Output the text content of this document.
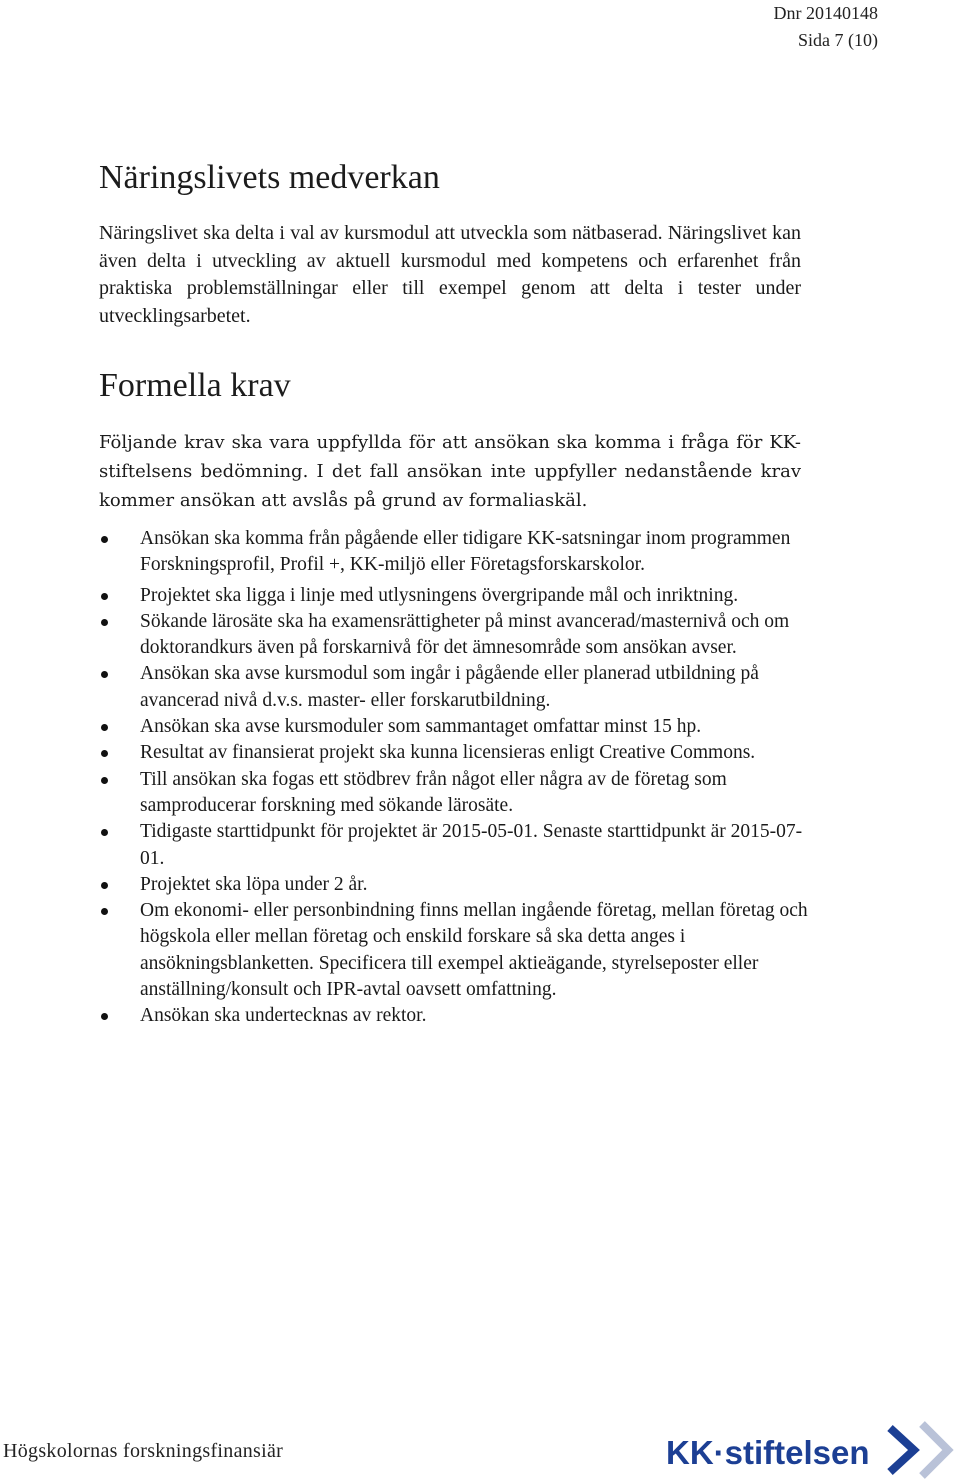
Dnr 20140148
Sida 7 (10)
Näringslivets medverkan

Näringslivet ska delta i val av kursmodul att utveckla som nätbaserad. Näringslivet kan även delta i utveckling av aktuell kursmodul med kompetens och erfarenhet från praktiska problemställningar eller till exempel genom att delta i tester under utvecklingsarbetet.

Formella krav

Följande krav ska vara uppfyllda för att ansökan ska komma i fråga för KK-
stiftelsens bedömning. I det fall ansökan inte uppfyller nedanstående krav
kommer ansökan att avslås på grund av formaliaskäl.

Ansökan ska komma från pågående eller tidigare KK-satsningar inom programmen Forskningsprofil, Profil +, KK-miljö eller Företagsforskarskolor.
Projektet ska ligga i linje med utlysningens övergripande mål och inriktning.
Sökande lärosäte ska ha examensrättigheter på minst avancerad/masternivå och om doktorandkurs även på forskarnivå för det ämnesområde som ansökan avser.
Ansökan ska avse kursmodul som ingår i pågående eller planerad utbildning på avancerad nivå d.v.s. master- eller forskarutbildning.
Ansökan ska avse kursmoduler som sammantaget omfattar minst 15 hp.
Resultat av finansierat projekt ska kunna licensieras enligt Creative Commons.
Till ansökan ska fogas ett stödbrev från något eller några av de företag som samproducerar forskning med sökande lärosäte.
Tidigaste starttidpunkt för projektet är 2015-05-01. Senaste starttidpunkt är 2015-07-01.
Projektet ska löpa under 2 år.
Om ekonomi- eller personbindning finns mellan ingående företag, mellan företag och högskola eller mellan företag och enskild forskare så ska detta anges i ansökningsblanketten. Specificera till exempel aktieägande, styrelseposter eller anställning/konsult och IPR-avtal oavsett omfattning.
Ansökan ska undertecknas av rektor.
Högskolornas forskningsfinansiär	KK·stiftelsen
